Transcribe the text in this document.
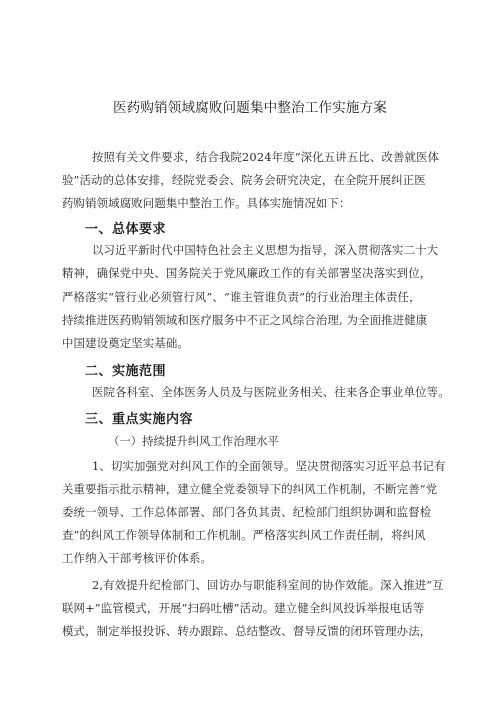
医药购销领域腐败问题集中整治工作实施方案
按照有关文件要求，结合我院2024年度“深化五讲五比、改善就医体
验”活动的总体安排，经院党委会、院务会研究决定，在全院开展纠正医
药购销领域腐败问题集中整治工作。具体实施情况如下：
一、总体要求
以习近平新时代中国特色社会主义思想为指导，深入贯彻落实二十大
精神，确保党中央、国务院关于党风廉政工作的有关部署坚决落实到位，
严格落实“管行业必须管行风”、“谁主管谁负责”的行业治理主体责任，
持续推进医药购销领域和医疗服务中不正之风综合治理, 为全面推进健康
中国建设奠定坚实基础。
二、实施范围
医院各科室、全体医务人员及与医院业务相关、往来各企事业单位等。
三、重点实施内容
（一）持续提升纠风工作治理水平
1、切实加强党对纠风工作的全面领导。坚决贯彻落实习近平总书记有
关重要指示批示精神，建立健全党委领导下的纠风工作机制，不断完善“党
委统一领导、工作总体部署、部门各负其责、纪检部门组织协调和监督检
查”的纠风工作领导体制和工作机制。严格落实纠风工作责任制，将纠风
工作纳入干部考核评价体系。
2,有效提升纪检部门、回访办与职能科室间的协作效能。深入推进“互
联网+”监管模式，开展“扫码吐槽”活动。建立健全纠风投诉举报电话等
模式，制定举报投诉、转办跟踪、总结整改、督导反馈的闭环管理办法，
